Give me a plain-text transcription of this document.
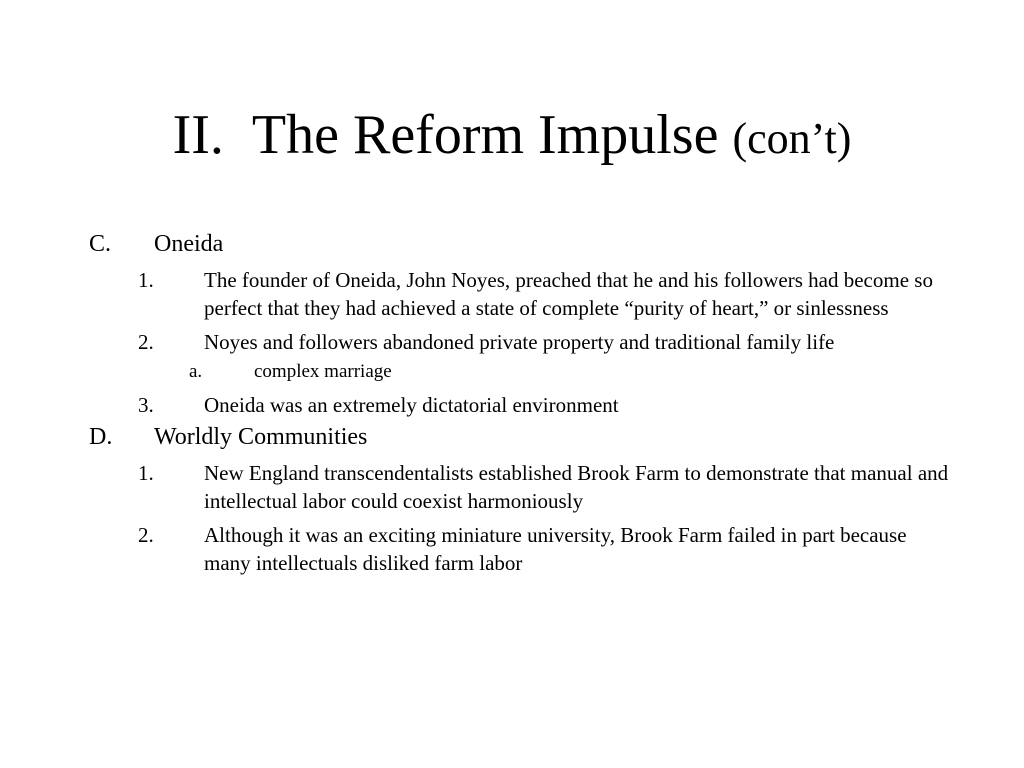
II. The Reform Impulse (con’t)
C. Oneida
1. The founder of Oneida, John Noyes, preached that he and his followers had become so perfect that they had achieved a state of complete “purity of heart,” or sinlessness
2. Noyes and followers abandoned private property and traditional family life
a.	complex marriage
3. Oneida was an extremely dictatorial environment
D. Worldly Communities
1. New England transcendentalists established Brook Farm to demonstrate that manual and intellectual labor could coexist harmoniously
2. Although it was an exciting miniature university, Brook Farm failed in part because many intellectuals disliked farm labor
